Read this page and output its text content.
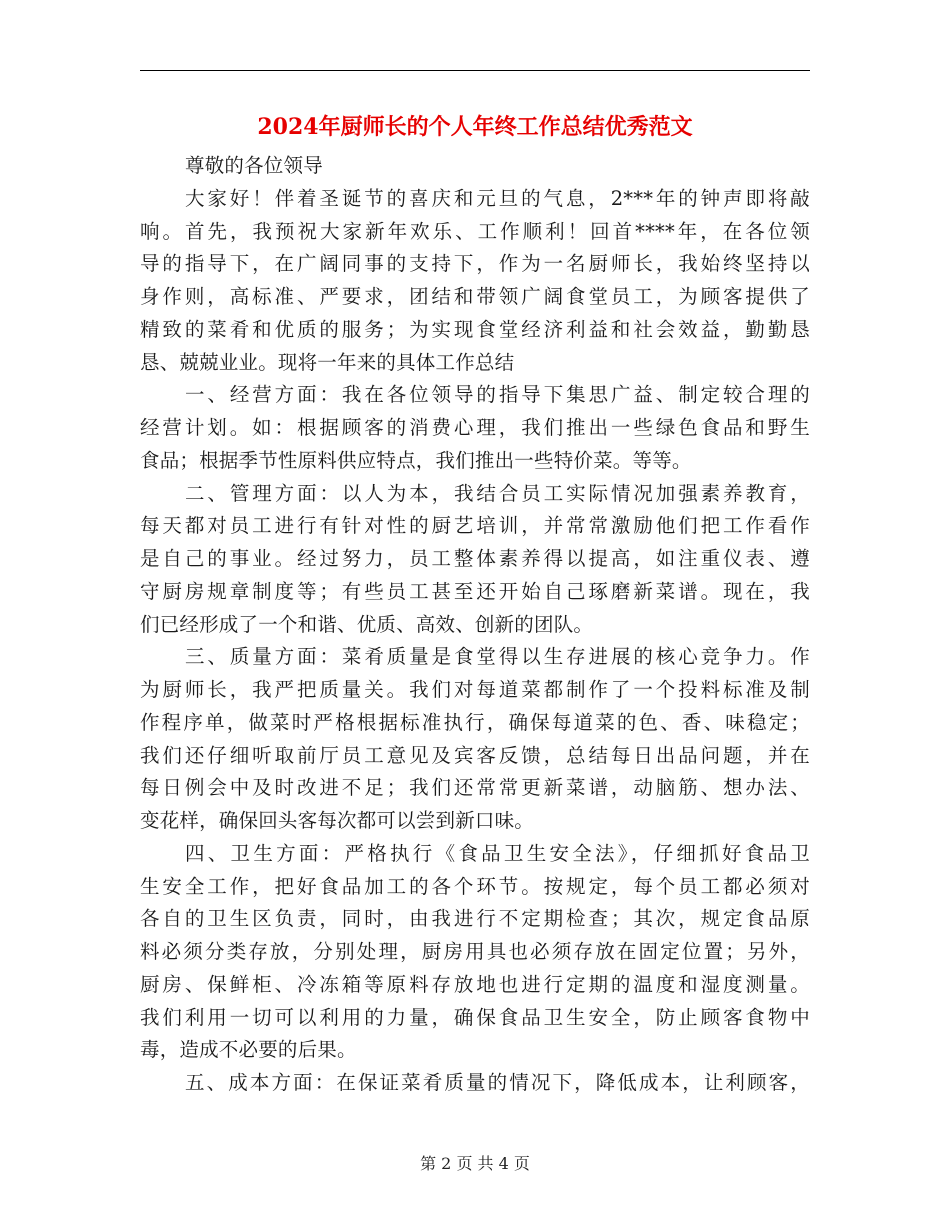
2024年厨师长的个人年终工作总结优秀范文
尊敬的各位领导
大家好！伴着圣诞节的喜庆和元旦的气息，2***年的钟声即将敲
响。首先，我预祝大家新年欢乐、工作顺利！回首****年，在各位领
导的指导下，在广阔同事的支持下，作为一名厨师长，我始终坚持以
身作则，高标准、严要求，团结和带领广阔食堂员工，为顾客提供了
精致的菜肴和优质的服务；为实现食堂经济利益和社会效益，勤勤恳
恳、兢兢业业。现将一年来的具体工作总结
一、经营方面：我在各位领导的指导下集思广益、制定较合理的
经营计划。如：根据顾客的消费心理，我们推出一些绿色食品和野生
食品；根据季节性原料供应特点，我们推出一些特价菜。等等。
二、管理方面：以人为本，我结合员工实际情况加强素养教育，
每天都对员工进行有针对性的厨艺培训，并常常激励他们把工作看作
是自己的事业。经过努力，员工整体素养得以提高，如注重仪表、遵
守厨房规章制度等；有些员工甚至还开始自己琢磨新菜谱。现在，我
们已经形成了一个和谐、优质、高效、创新的团队。
三、质量方面：菜肴质量是食堂得以生存进展的核心竞争力。作
为厨师长，我严把质量关。我们对每道菜都制作了一个投料标准及制
作程序单，做菜时严格根据标准执行，确保每道菜的色、香、味稳定；
我们还仔细听取前厅员工意见及宾客反馈，总结每日出品问题，并在
每日例会中及时改进不足；我们还常常更新菜谱，动脑筋、想办法、
变花样，确保回头客每次都可以尝到新口味。
四、卫生方面：严格执行《食品卫生安全法》，仔细抓好食品卫
生安全工作，把好食品加工的各个环节。按规定，每个员工都必须对
各自的卫生区负责，同时，由我进行不定期检查；其次，规定食品原
料必须分类存放，分别处理，厨房用具也必须存放在固定位置；另外，
厨房、保鲜柜、冷冻箱等原料存放地也进行定期的温度和湿度测量。
我们利用一切可以利用的力量，确保食品卫生安全，防止顾客食物中
毒，造成不必要的后果。
五、成本方面：在保证菜肴质量的情况下，降低成本，让利顾客，
第 2 页 共 4 页
